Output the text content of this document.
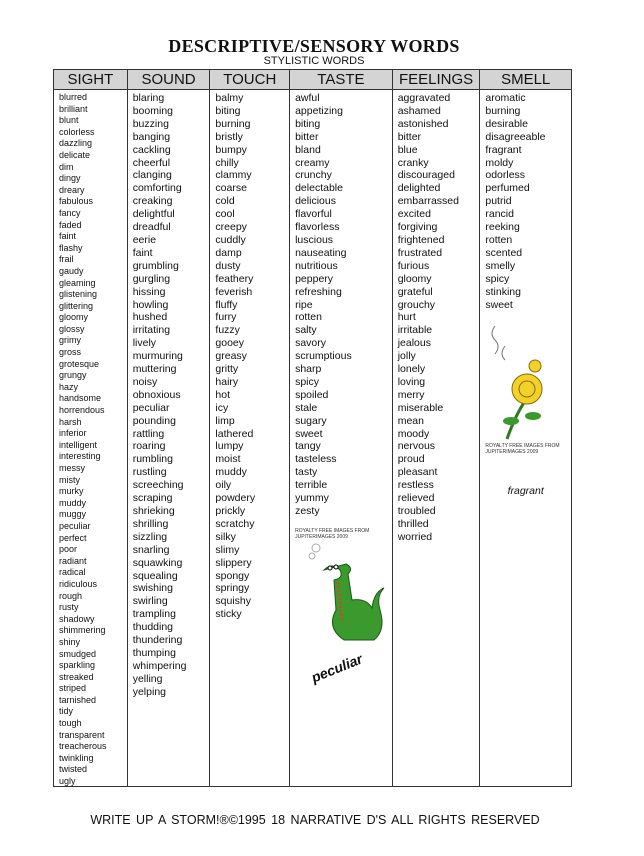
DESCRIPTIVE/SENSORY WORDS
STYLISTIC WORDS
SIGHT
blurred
brilliant
blunt
colorless
dazzling
delicate
dim
dingy
dreary
fabulous
fancy
faded
faint
flashy
frail
gaudy
gleaming
glistening
glittering
gloomy
glossy
grimy
gross
grotesque
grungy
hazy
handsome
horrendous
harsh
inferior
intelligent
interesting
messy
misty
murky
muddy
muggy
peculiar
perfect
poor
radiant
radical
ridiculous
rough
rusty
shadowy
shimmering
shiny
smudged
sparkling
streaked
striped
tarnished
tidy
tough
transparent
treacherous
twinkling
twisted
ugly
SOUND
blaring
booming
buzzing
banging
cackling
cheerful
clanging
comforting
creaking
delightful
dreadful
eerie
faint
grumbling
gurgling
hissing
howling
hushed
irritating
lively
murmuring
muttering
noisy
obnoxious
peculiar
pounding
rattling
roaring
rumbling
rustling
screeching
scraping
shrieking
shrilling
sizzling
snarling
squawking
squealing
swishing
swirling
trampling
thudding
thundering
thumping
whimpering
yelling
yelping
TOUCH
balmy
biting
burning
bristly
bumpy
chilly
clammy
coarse
cold
cool
creepy
cuddly
damp
dusty
feathery
feverish
fluffy
furry
fuzzy
gooey
greasy
gritty
hairy
hot
icy
limp
lathered
lumpy
moist
muddy
oily
powdery
prickly
scratchy
silky
slimy
slippery
spongy
springy
squishy
sticky
TASTE
awful
appetizing
biting
bitter
bland
creamy
crunchy
delectable
delicious
flavorful
flavorless
luscious
nauseating
nutritious
peppery
refreshing
ripe
rotten
salty
savory
scrumptious
sharp
spicy
spoiled
stale
sugary
sweet
tangy
tasteless
tasty
terrible
yummy
zesty
ROYALTY FREE IMAGES FROM JUPITERIMAGES 2009
peculiar
FEELINGS
aggravated
ashamed
astonished
bitter
blue
cranky
discouraged
delighted
embarrassed
excited
forgiving
frightened
frustrated
furious
gloomy
grateful
grouchy
hurt
irritable
jealous
jolly
lonely
loving
merry
miserable
mean
moody
nervous
proud
pleasant
restless
relieved
troubled
thrilled
worried
SMELL
aromatic
burning
desirable
disagreeable
fragrant
moldy
odorless
perfumed
putrid
rancid
reeking
rotten
scented
smelly
spicy
stinking
sweet
ROYALTY FREE IMAGES FROM JUPITERIMAGES 2009
fragrant
WRITE UP A STORM!®©1995 18 NARRATIVE D'S ALL RIGHTS RESERVED
